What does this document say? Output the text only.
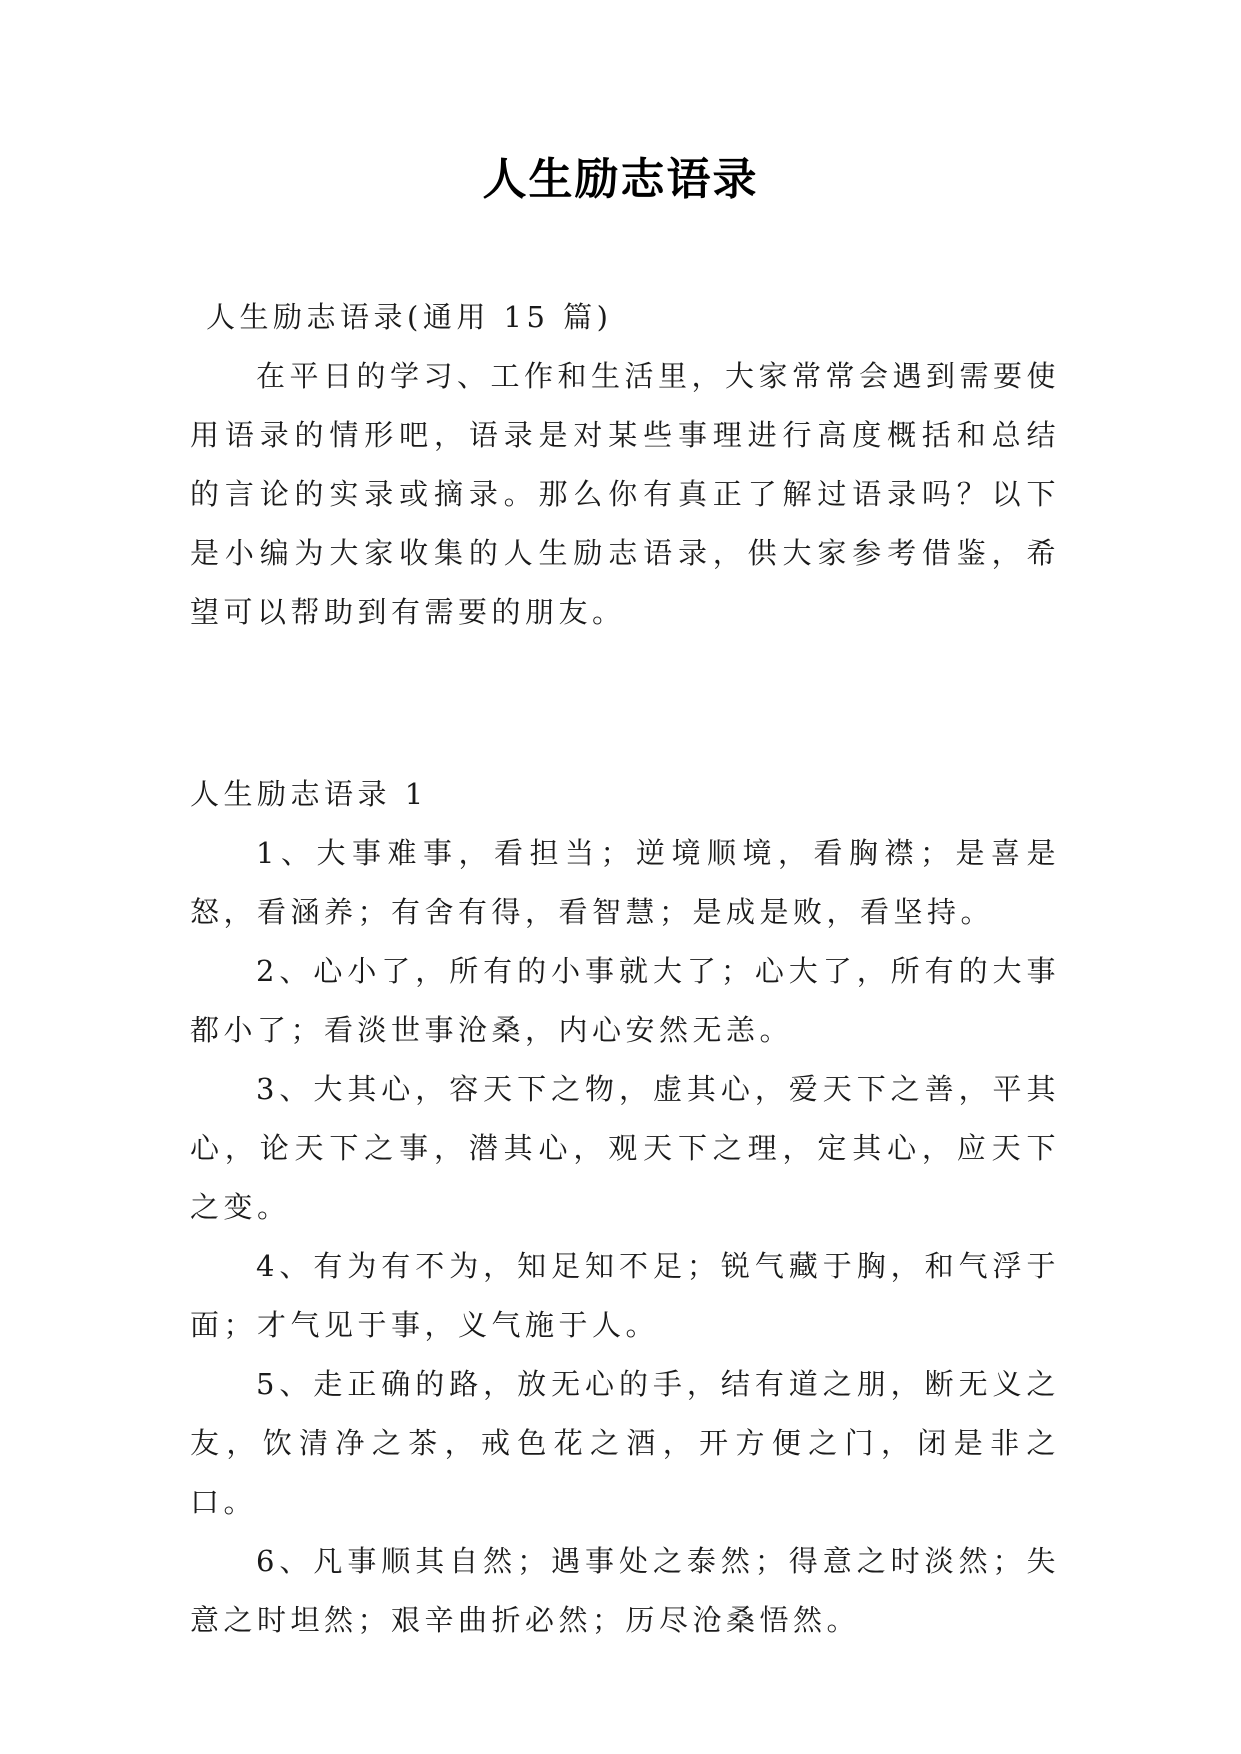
人生励志语录

人生励志语录(通用 15 篇)

在平日的学习、工作和生活里，大家常常会遇到需要使用语录的情形吧，语录是对某些事理进行高度概括和总结的言论的实录或摘录。那么你有真正了解过语录吗？以下是小编为大家收集的人生励志语录，供大家参考借鉴，希望可以帮助到有需要的朋友。

人生励志语录 1

1、大事难事，看担当；逆境顺境，看胸襟；是喜是怒，看涵养；有舍有得，看智慧；是成是败，看坚持。

2、心小了，所有的小事就大了；心大了，所有的大事都小了；看淡世事沧桑，内心安然无恙。

3、大其心，容天下之物，虚其心，爱天下之善，平其心，论天下之事，潜其心，观天下之理，定其心，应天下之变。

4、有为有不为，知足知不足；锐气藏于胸，和气浮于面；才气见于事，义气施于人。

5、走正确的路，放无心的手，结有道之朋，断无义之友，饮清净之茶，戒色花之酒，开方便之门，闭是非之口。

6、凡事顺其自然；遇事处之泰然；得意之时淡然；失意之时坦然；艰辛曲折必然；历尽沧桑悟然。
